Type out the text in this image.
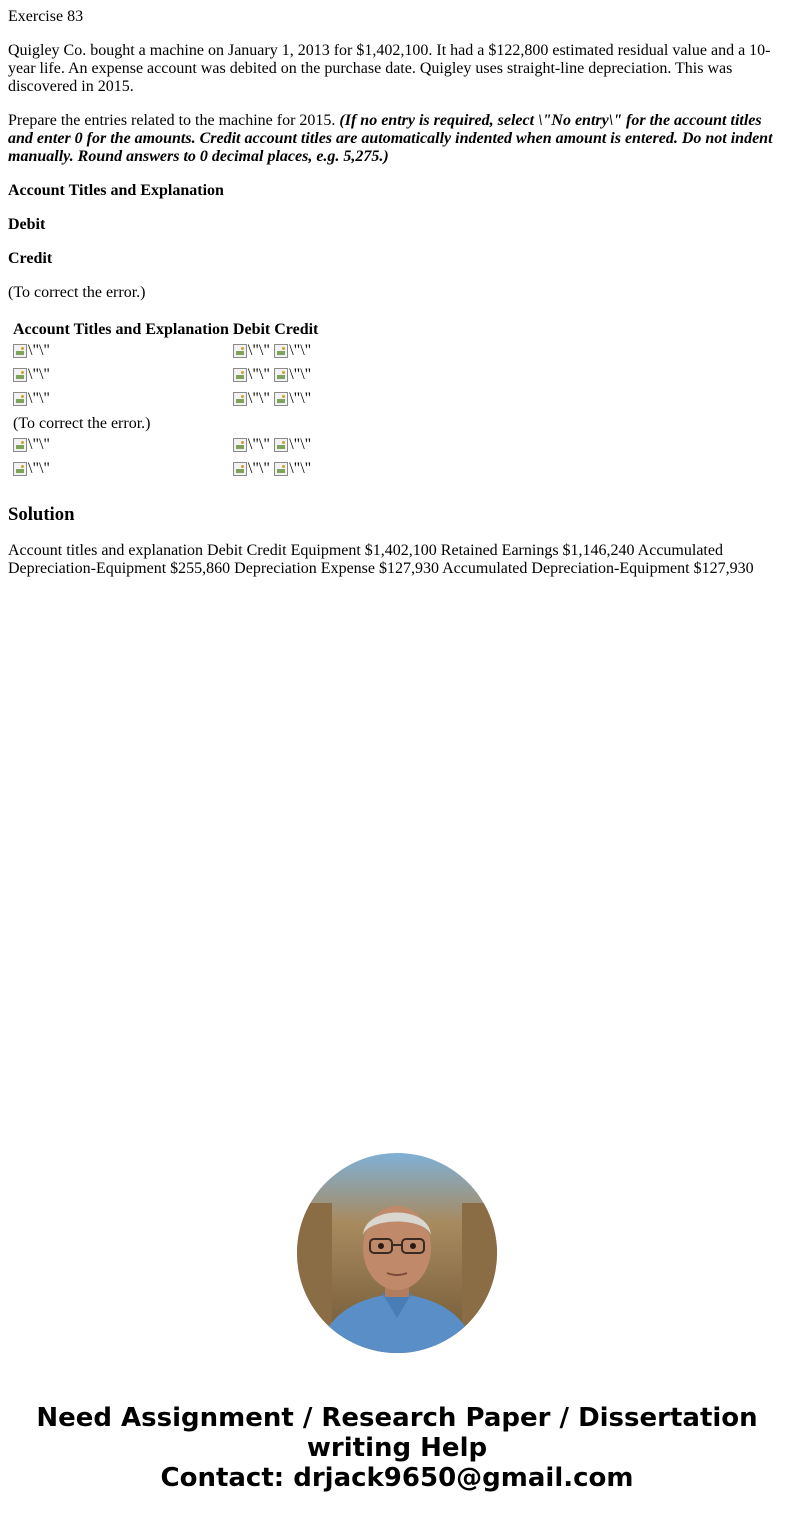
Exercise 83

Quigley Co. bought a machine on January 1, 2013 for $1,402,100. It had a $122,800 estimated residual value and a 10-year life. An expense account was debited on the purchase date. Quigley uses straight-line depreciation. This was discovered in 2015.

Prepare the entries related to the machine for 2015. (If no entry is required, select \"No entry\" for the account titles and enter 0 for the amounts. Credit account titles are automatically indented when amount is entered. Do not indent manually. Round answers to 0 decimal places, e.g. 5,275.)

Account Titles and Explanation

Debit

Credit

(To correct the error.)

Account Titles and Explanation	Debit	Credit

\"\"	\"\"	\"\"

\"\"	\"\"	\"\"

\"\"	\"\"	\"\"

(To correct the error.)		

\"\"	\"\"	\"\"

\"\"	\"\"	\"\"
Solution

Account titles and explanation Debit Credit Equipment $1,402,100 Retained Earnings $1,146,240 Accumulated Depreciation-Equipment $255,860 Depreciation Expense $127,930 Accumulated Depreciation-Equipment $127,930

Need Assignment / Research Paper / Dissertation
writing Help
Contact: drjack9650@gmail.com
